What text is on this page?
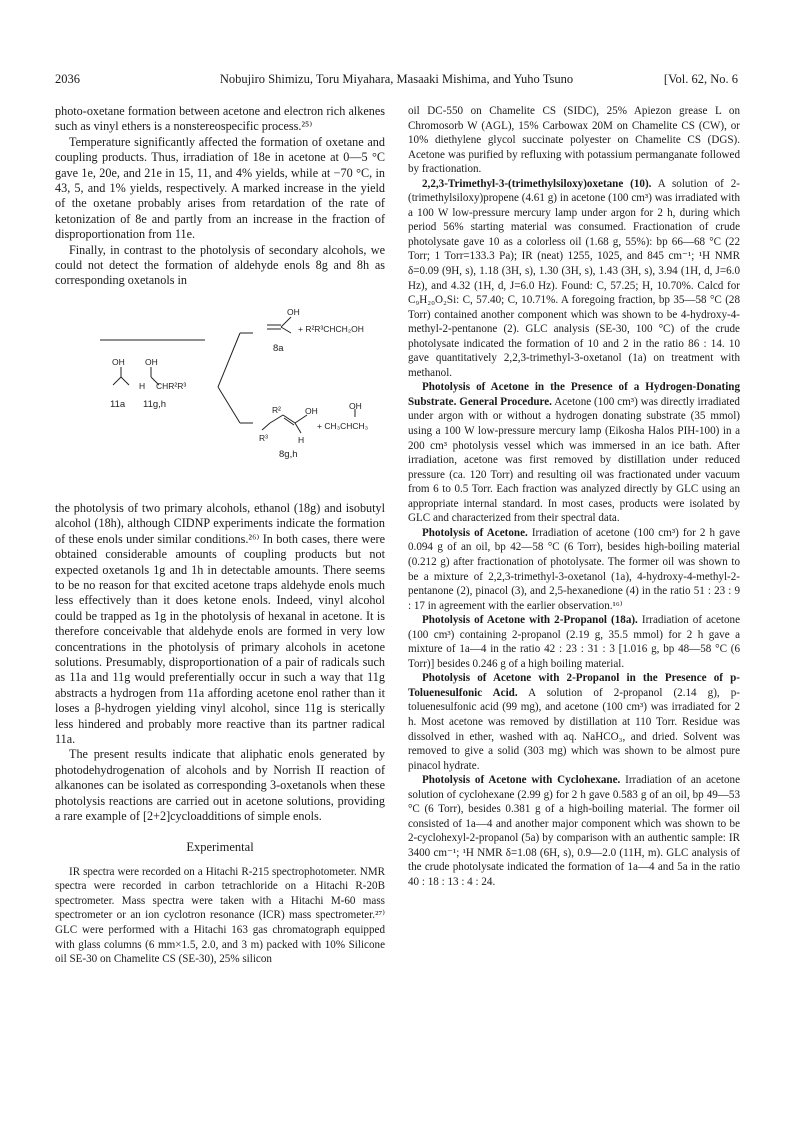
2036	Nobujiro Shimizu, Toru Miyahara, Masaaki Mishima, and Yuho Tsuno	[Vol. 62, No. 6

photo-oxetane formation between acetone and electron rich alkenes such as vinyl ethers is a nonstereospecific process.²⁵⁾

Temperature significantly affected the formation of oxetane and coupling products. Thus, irradiation of 18e in acetone at 0—5 °C gave 1e, 20e, and 21e in 15, 11, and 4% yields, while at −70 °C, in 43, 5, and 1% yields, respectively. A marked increase in the yield of the oxetane probably arises from retardation of the rate of ketonization of 8e and partly from an increase in the fraction of disproportionation from 11e.

Finally, in contrast to the photolysis of secondary alcohols, we could not detect the formation of aldehyde enols 8g and 8h as corresponding oxetanols in

OH
+ R²R³CHCH₂OH
8a
OH OH
H CHR²R³
11a 11g,h	R²	OH
R³	H
OH
+ CH₃CHCH₃
8g,h

the photolysis of two primary alcohols, ethanol (18g) and isobutyl alcohol (18h), although CIDNP experiments indicate the formation of these enols under similar conditions.²⁶⁾ In both cases, there were obtained considerable amounts of coupling products but not expected oxetanols 1g and 1h in detectable amounts. There seems to be no reason for that excited acetone traps aldehyde enols much less effectively than it does ketone enols. Indeed, vinyl alcohol could be trapped as 1g in the photolysis of hexanal in acetone. It is therefore conceivable that aldehyde enols are formed in very low concentrations in the photolysis of primary alcohols in acetone solutions. Presumably, disproportionation of a pair of radicals such as 11a and 11g would preferentially occur in such a way that 11g abstracts a hydrogen from 11a affording acetone enol rather than it loses a β-hydrogen yielding vinyl alcohol, since 11g is sterically less hindered and probably more reactive than its partner radical 11a.

The present results indicate that aliphatic enols generated by photodehydrogenation of alcohols and by Norrish II reaction of alkanones can be isolated as corresponding 3-oxetanols when these photolysis reactions are carried out in acetone solutions, providing a rare example of [2+2]cycloadditions of simple enols.

Experimental

IR spectra were recorded on a Hitachi R-215 spectrophotometer. NMR spectra were recorded in carbon tetrachloride on a Hitachi R-20B spectrometer. Mass spectra were taken with a Hitachi M-60 mass spectrometer or an ion cyclotron resonance (ICR) mass spectrometer.²⁷⁾ GLC were performed with a Hitachi 163 gas chromatograph equipped with glass columns (6 mm×1.5, 2.0, and 3 m) packed with 10% Silicone oil SE-30 on Chamelite CS (SE-30), 25% silicon

oil DC-550 on Chamelite CS (SIDC), 25% Apiezon grease L on Chromosorb W (AGL), 15% Carbowax 20M on Chamelite CS (CW), or 10% diethylene glycol succinate polyester on Chamelite CS (DGS). Acetone was purified by refluxing with potassium permanganate followed by fractionation.

2,2,3-Trimethyl-3-(trimethylsiloxy)oxetane (10). A solution of 2-(trimethylsiloxy)propene (4.61 g) in acetone (100 cm³) was irradiated with a 100 W low-pressure mercury lamp under argon for 2 h, during which period 56% starting material was consumed. Fractionation of crude photolysate gave 10 as a colorless oil (1.68 g, 55%): bp 66—68 °C (22 Torr; 1 Torr=133.3 Pa); IR (neat) 1255, 1025, and 845 cm⁻¹; ¹H NMR δ=0.09 (9H, s), 1.18 (3H, s), 1.30 (3H, s), 1.43 (3H, s), 3.94 (1H, d, J=6.0 Hz), and 4.32 (1H, d, J=6.0 Hz). Found: C, 57.25; H, 10.70%. Calcd for C₉H₂₀O₂Si: C, 57.40; C, 10.71%. A foregoing fraction, bp 35—58 °C (28 Torr) contained another component which was shown to be 4-hydroxy-4-methyl-2-pentanone (2). GLC analysis (SE-30, 100 °C) of the crude photolysate indicated the formation of 10 and 2 in the ratio 86 : 14. 10 gave quantitatively 2,2,3-trimethyl-3-oxetanol (1a) on treatment with methanol.

Photolysis of Acetone in the Presence of a Hydrogen-Donating Substrate. General Procedure. Acetone (100 cm³) was directly irradiated under argon with or without a hydrogen donating substrate (35 mmol) using a 100 W low-pressure mercury lamp (Eikosha Halos PIH-100) in a 200 cm³ photolysis vessel which was immersed in an ice bath. After irradiation, acetone was first removed by distillation under reduced pressure (ca. 120 Torr) and resulting oil was fractionated under vacuum from 6 to 0.5 Torr. Each fraction was analyzed directly by GLC using an appropriate internal standard. In most cases, products were isolated by GLC and characterized from their spectral data.

Photolysis of Acetone. Irradiation of acetone (100 cm³) for 2 h gave 0.094 g of an oil, bp 42—58 °C (6 Torr), besides high-boiling material (0.212 g) after fractionation of photolysate. The former oil was shown to be a mixture of 2,2,3-trimethyl-3-oxetanol (1a), 4-hydroxy-4-methyl-2-pentanone (2), pinacol (3), and 2,5-hexanedione (4) in the ratio 51 : 23 : 9 : 17 in agreement with the earlier observation.¹⁶⁾

Photolysis of Acetone with 2-Propanol (18a). Irradiation of acetone (100 cm³) containing 2-propanol (2.19 g, 35.5 mmol) for 2 h gave a mixture of 1a—4 in the ratio 42 : 23 : 31 : 3 [1.016 g, bp 48—58 °C (6 Torr)] besides 0.246 g of a high boiling material.

Photolysis of Acetone with 2-Propanol in the Presence of p-Toluenesulfonic Acid. A solution of 2-propanol (2.14 g), p-toluenesulfonic acid (99 mg), and acetone (100 cm³) was irradiated for 2 h. Most acetone was removed by distillation at 110 Torr. Residue was dissolved in ether, washed with aq. NaHCO₃, and dried. Solvent was removed to give a solid (303 mg) which was shown to be almost pure pinacol hydrate.

Photolysis of Acetone with Cyclohexane. Irradiation of an acetone solution of cyclohexane (2.99 g) for 2 h gave 0.583 g of an oil, bp 49—53 °C (6 Torr), besides 0.381 g of a high-boiling material. The former oil consisted of 1a—4 and another major component which was shown to be 2-cyclohexyl-2-propanol (5a) by comparison with an authentic sample: IR 3400 cm⁻¹; ¹H NMR δ=1.08 (6H, s), 0.9—2.0 (11H, m). GLC analysis of the crude photolysate indicated the formation of 1a—4 and 5a in the ratio 40 : 18 : 13 : 4 : 24.
